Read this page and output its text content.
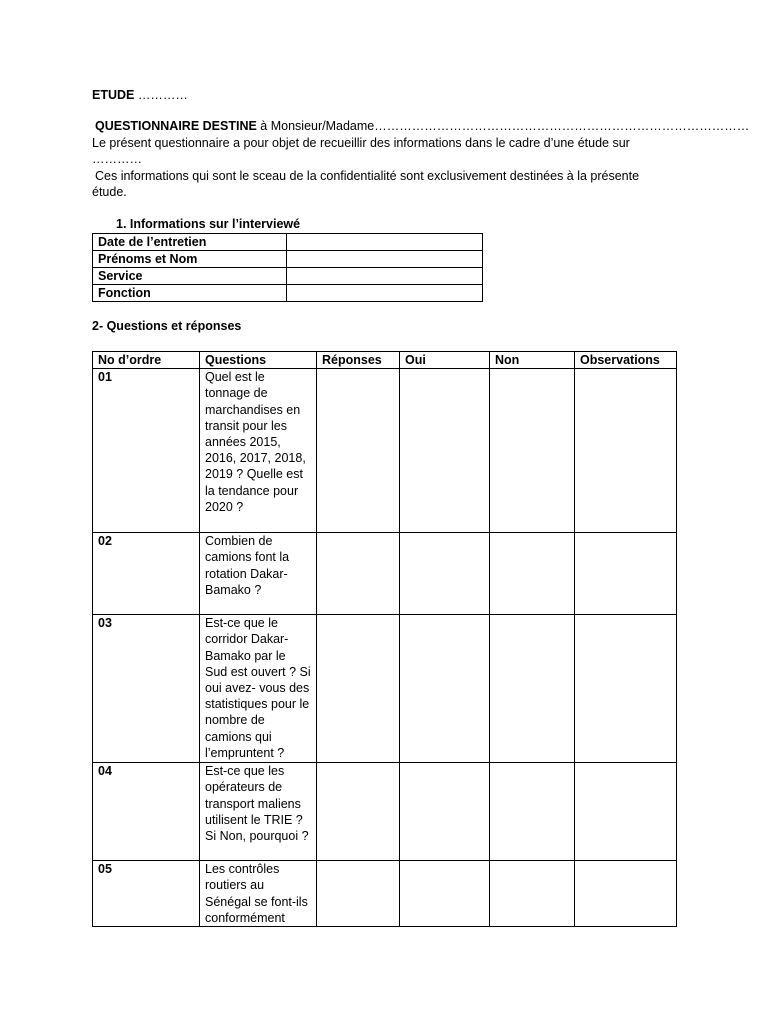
ETUDE …………
QUESTIONNAIRE DESTINE à Monsieur/Madame………………………………………………………………………………
Le présent questionnaire a pour objet de recueillir des informations dans le cadre d’une étude sur
…………
Ces informations qui sont le sceau de la confidentialité sont exclusivement destinées à la présente
étude.
1. Informations sur l’interviewé
Date de l’entretien	
Prénoms et Nom	
Service	
Fonction	
2- Questions et réponses
No d’ordre	Questions	Réponses	Oui	Non	Observations
01	Quel est le tonnage de marchandises en transit pour les années 2015, 2016, 2017, 2018, 2019 ? Quelle est la tendance pour 2020 ?				
02	Combien de camions font la rotation Dakar-Bamako ?				
03	Est-ce que le corridor Dakar-Bamako par le Sud est ouvert ? Si oui avez- vous des statistiques pour le nombre de camions qui l’empruntent ?				
04	Est-ce que les opérateurs de transport maliens utilisent le TRIE ? Si Non, pourquoi ?				
05	Les contrôles routiers au Sénégal se font-ils conformément				
